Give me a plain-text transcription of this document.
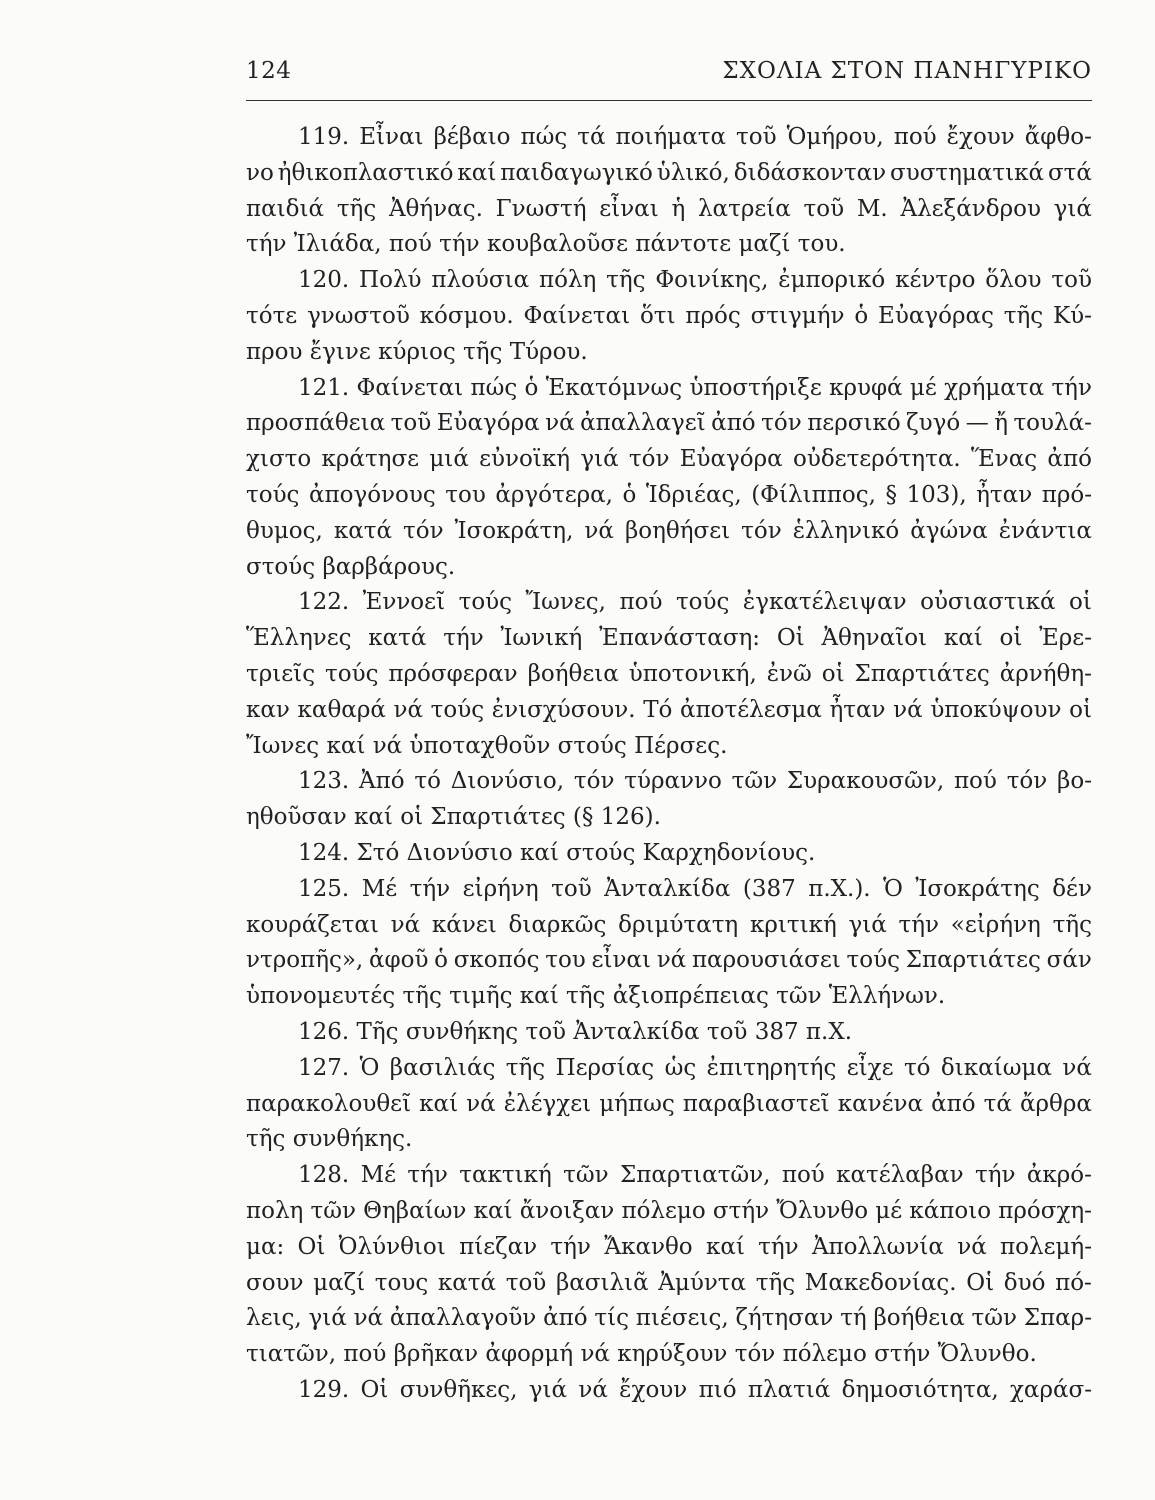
124	ΣΧΟΛΙΑ ΣΤΟΝ ΠΑΝΗΓΥΡΙΚΟ
119. Εἶναι βέβαιο πώς τά ποιήματα τοῦ Ὁμήρου, πού ἔχουν ἄφθο-
νο ἠθικοπλαστικό καί παιδαγωγικό ὑλικό, διδάσκονταν συστηματικά στά
παιδιά τῆς Ἀθήνας. Γνωστή εἶναι ἡ λατρεία τοῦ Μ. Ἀλεξάνδρου γιά
τήν Ἰλιάδα, πού τήν κουβαλοῦσε πάντοτε μαζί του.
120. Πολύ πλούσια πόλη τῆς Φοινίκης, ἐμπορικό κέντρο ὅλου τοῦ
τότε γνωστοῦ κόσμου. Φαίνεται ὅτι πρός στιγμήν ὁ Εὐαγόρας τῆς Κύ-
πρου ἔγινε κύριος τῆς Τύρου.
121. Φαίνεται πώς ὁ Ἑκατόμνως ὑποστήριξε κρυφά μέ χρήματα τήν
προσπάθεια τοῦ Εὐαγόρα νά ἀπαλλαγεῖ ἀπό τόν περσικό ζυγό — ἤ τουλά-
χιστο κράτησε μιά εὐνοϊκή γιά τόν Εὐαγόρα οὐδετερότητα. Ἕνας ἀπό
τούς ἀπογόνους του ἀργότερα, ὁ Ἱδριέας, (Φίλιππος, § 103), ἦταν πρό-
θυμος, κατά τόν Ἰσοκράτη, νά βοηθήσει τόν ἑλληνικό ἀγώνα ἐνάντια
στούς βαρβάρους.
122. Ἐννοεῖ τούς Ἴωνες, πού τούς ἐγκατέλειψαν οὐσιαστικά οἱ
Ἕλληνες κατά τήν Ἰωνική Ἐπανάσταση: Οἱ Ἀθηναῖοι καί οἱ Ἐρε-
τριεῖς τούς πρόσφεραν βοήθεια ὑποτονική, ἐνῶ οἱ Σπαρτιάτες ἀρνήθη-
καν καθαρά νά τούς ἐνισχύσουν. Τό ἀποτέλεσμα ἦταν νά ὑποκύψουν οἱ
Ἴωνες καί νά ὑποταχθοῦν στούς Πέρσες.
123. Ἀπό τό Διονύσιο, τόν τύραννο τῶν Συρακουσῶν, πού τόν βο-
ηθοῦσαν καί οἱ Σπαρτιάτες (§ 126).
124. Στό Διονύσιο καί στούς Καρχηδονίους.
125. Μέ τήν εἰρήνη τοῦ Ἀνταλκίδα (387 π.Χ.). Ὁ Ἰσοκράτης δέν
κουράζεται νά κάνει διαρκῶς δριμύτατη κριτική γιά τήν «εἰρήνη τῆς
ντροπῆς», ἀφοῦ ὁ σκοπός του εἶναι νά παρουσιάσει τούς Σπαρτιάτες σάν
ὑπονομευτές τῆς τιμῆς καί τῆς ἀξιοπρέπειας τῶν Ἑλλήνων.
126. Τῆς συνθήκης τοῦ Ἀνταλκίδα τοῦ 387 π.Χ.
127. Ὁ βασιλιάς τῆς Περσίας ὡς ἐπιτηρητής εἶχε τό δικαίωμα νά
παρακολουθεῖ καί νά ἐλέγχει μήπως παραβιαστεῖ κανένα ἀπό τά ἄρθρα
τῆς συνθήκης.
128. Μέ τήν τακτική τῶν Σπαρτιατῶν, πού κατέλαβαν τήν ἀκρό-
πολη τῶν Θηβαίων καί ἄνοιξαν πόλεμο στήν Ὄλυνθο μέ κάποιο πρόσχη-
μα: Οἱ Ὀλύνθιοι πίεζαν τήν Ἄκανθο καί τήν Ἀπολλωνία νά πολεμή-
σουν μαζί τους κατά τοῦ βασιλιᾶ Ἀμύντα τῆς Μακεδονίας. Οἱ δυό πό-
λεις, γιά νά ἀπαλλαγοῦν ἀπό τίς πιέσεις, ζήτησαν τή βοήθεια τῶν Σπαρ-
τιατῶν, πού βρῆκαν ἀφορμή νά κηρύξουν τόν πόλεμο στήν Ὄλυνθο.
129. Οἱ συνθῆκες, γιά νά ἔχουν πιό πλατιά δημοσιότητα, χαράσ-
